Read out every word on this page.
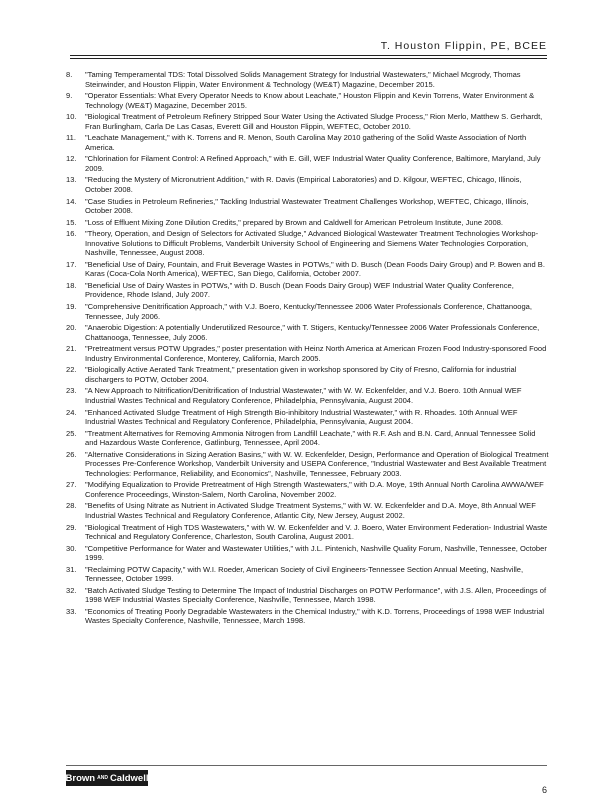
T. Houston Flippin, PE, BCEE
8.	"Taming Temperamental TDS: Total Dissolved Solids Management Strategy for Industrial Wastewaters," Michael Mcgrody, Thomas Steinwinder, and Houston Flippin, Water Environment & Technology (WE&T) Magazine, December 2015.
9.	"Operator Essentials: What Every Operator Needs to Know about Leachate," Houston Flippin and Kevin Torrens, Water Environment & Technology (WE&T) Magazine, December 2015.
10.	"Biological Treatment of Petroleum Refinery Stripped Sour Water Using the Activated Sludge Process," Rion Merlo, Matthew S. Gerhardt, Fran Burlingham, Carla De Las Casas, Everett Gill and Houston Flippin, WEFTEC, October 2010.
11.	"Leachate Management," with K. Torrens and R. Menon, South Carolina May 2010 gathering of the Solid Waste Association of North America.
12.	"Chlorination for Filament Control: A Refined Approach," with E. Gill, WEF Industrial Water Quality Conference, Baltimore, Maryland, July 2009.
13.	"Reducing the Mystery of Micronutrient Addition," with R. Davis (Empirical Laboratories) and D. Kilgour, WEFTEC, Chicago, Illinois, October 2008.
14.	"Case Studies in Petroleum Refineries," Tackling Industrial Wastewater Treatment Challenges Workshop, WEFTEC, Chicago, Illinois, October 2008.
15.	"Loss of Effluent Mixing Zone Dilution Credits," prepared by Brown and Caldwell for American Petroleum Institute, June 2008.
16.	"Theory, Operation, and Design of Selectors for Activated Sludge," Advanced Biological Wastewater Treatment Technologies Workshop-Innovative Solutions to Difficult Problems, Vanderbilt University School of Engineering and Siemens Water Technologies Corporation, Nashville, Tennessee, August 2008.
17.	"Beneficial Use of Dairy, Fountain, and Fruit Beverage Wastes in POTWs," with D. Busch (Dean Foods Dairy Group) and P. Bowen and B. Karas (Coca-Cola North America), WEFTEC, San Diego, California, October 2007.
18.	"Beneficial Use of Dairy Wastes in POTWs," with D. Busch (Dean Foods Dairy Group) WEF Industrial Water Quality Conference, Providence, Rhode Island, July 2007.
19.	"Comprehensive Denitrification Approach," with V.J. Boero, Kentucky/Tennessee 2006 Water Professionals Conference, Chattanooga, Tennessee, July 2006.
20.	"Anaerobic Digestion: A potentially Underutilized Resource," with T. Stigers, Kentucky/Tennessee 2006 Water Professionals Conference, Chattanooga, Tennessee, July 2006.
21.	"Pretreatment versus POTW Upgrades," poster presentation with Heinz North America at American Frozen Food Industry-sponsored Food Industry Environmental Conference, Monterey, California, March 2005.
22.	"Biologically Active Aerated Tank Treatment," presentation given in workshop sponsored by City of Fresno, California for industrial dischargers to POTW, October 2004.
23.	"A New Approach to Nitrification/Denitrification of Industrial Wastewater," with W. W. Eckenfelder, and V.J. Boero. 10th Annual WEF Industrial Wastes Technical and Regulatory Conference, Philadelphia, Pennsylvania, August 2004.
24.	"Enhanced Activated Sludge Treatment of High Strength Bio-inhibitory Industrial Wastewater," with R. Rhoades. 10th Annual WEF Industrial Wastes Technical and Regulatory Conference, Philadelphia, Pennsylvania, August 2004.
25.	"Treatment Alternatives for Removing Ammonia Nitrogen from Landfill Leachate," with R.F. Ash and B.N. Card, Annual Tennessee Solid and Hazardous Waste Conference, Gatlinburg, Tennessee, April 2004.
26.	"Alternative Considerations in Sizing Aeration Basins," with W. W. Eckenfelder, Design, Performance and Operation of Biological Treatment Processes Pre-Conference Workshop, Vanderbilt University and USEPA Conference, "Industrial Wastewater and Best Available Treatment Technologies: Performance, Reliability, and Economics", Nashville, Tennessee, February 2003.
27.	"Modifying Equalization to Provide Pretreatment of High Strength Wastewaters," with D.A. Moye, 19th Annual North Carolina AWWA/WEF Conference Proceedings, Winston-Salem, North Carolina, November 2002.
28.	"Benefits of Using Nitrate as Nutrient in Activated Sludge Treatment Systems," with W. W. Eckenfelder and D.A. Moye, 8th Annual WEF Industrial Wastes Technical and Regulatory Conference, Atlantic City, New Jersey, August 2002.
29.	"Biological Treatment of High TDS Wastewaters," with W. W. Eckenfelder and V. J. Boero, Water Environment Federation- Industrial Waste Technical and Regulatory Conference, Charleston, South Carolina, August 2001.
30.	"Competitive Performance for Water and Wastewater Utilities," with J.L. Pintenich, Nashville Quality Forum, Nashville, Tennessee, October 1999.
31.	"Reclaiming POTW Capacity," with W.I. Roeder, American Society of Civil Engineers-Tennessee Section Annual Meeting, Nashville, Tennessee, October 1999.
32.	"Batch Activated Sludge Testing to Determine The Impact of Industrial Discharges on POTW Performance", with J.S. Allen, Proceedings of 1998 WEF Industrial Wastes Specialty Conference, Nashville, Tennessee, March 1998.
33.	"Economics of Treating Poorly Degradable Wastewaters in the Chemical Industry," with K.D. Torrens, Proceedings of 1998 WEF Industrial Wastes Specialty Conference, Nashville, Tennessee, March 1998.
Brown AND Caldwell
6
